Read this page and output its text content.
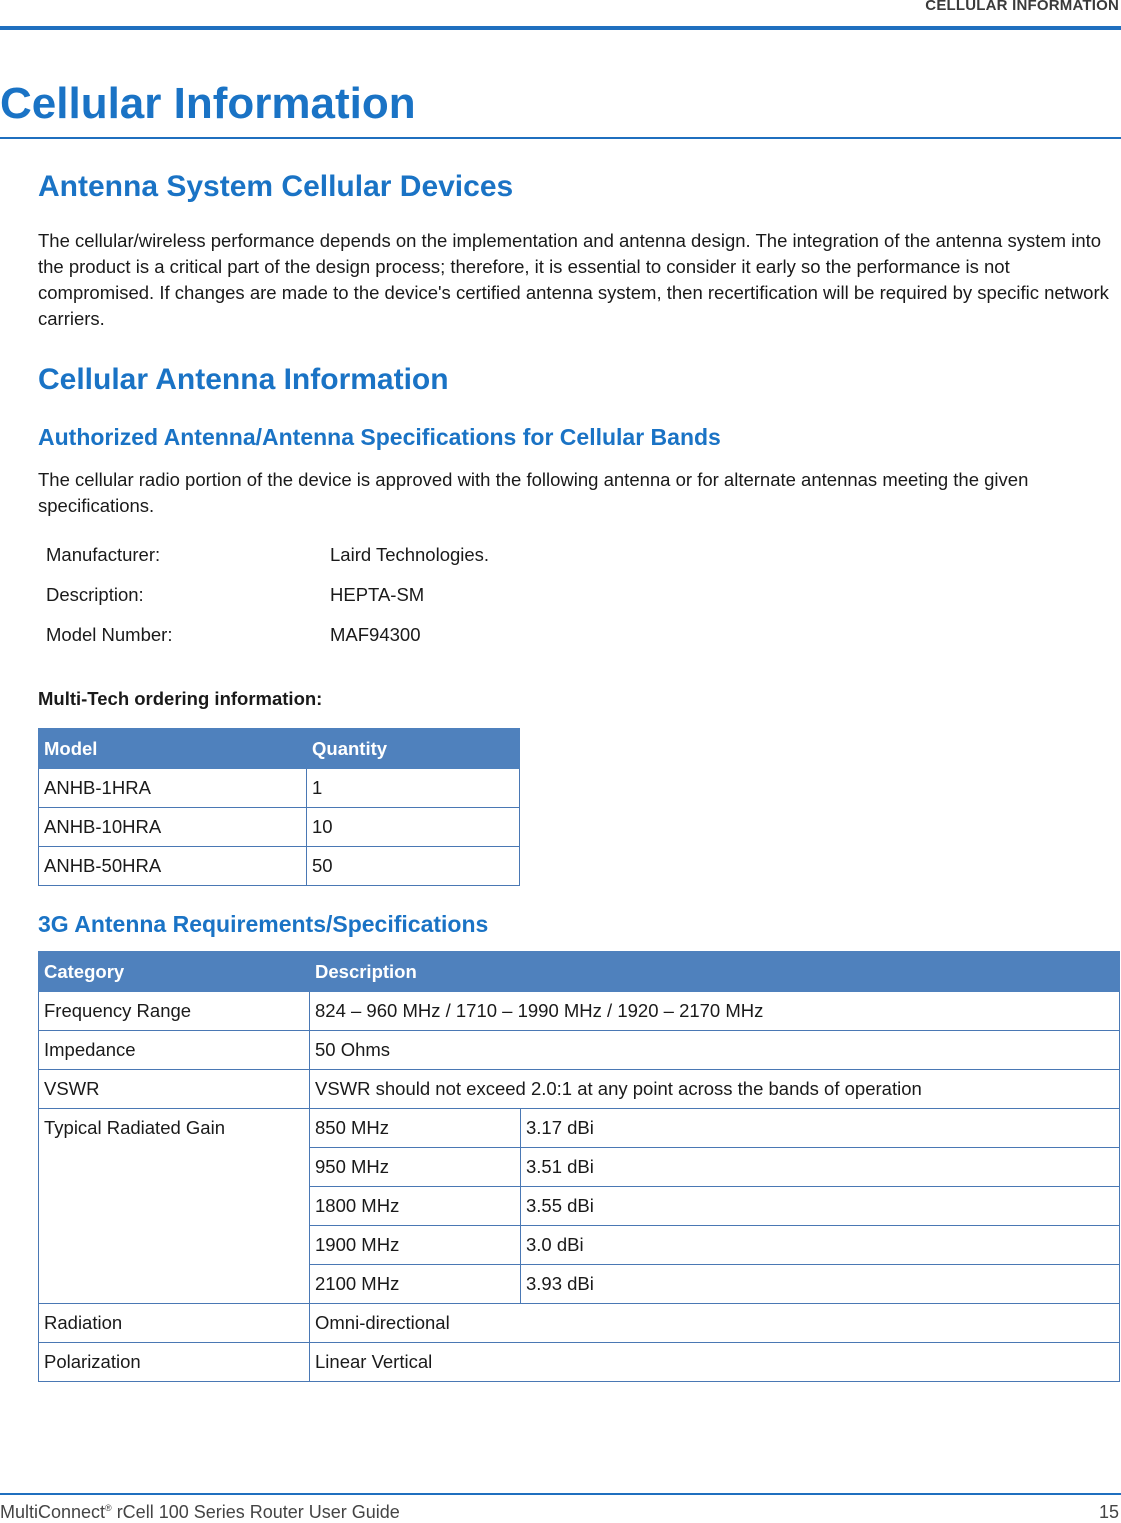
CELLULAR INFORMATION
Cellular Information
Antenna System Cellular Devices

The cellular/wireless performance depends on the implementation and antenna design. The integration of the antenna system into the product is a critical part of the design process; therefore, it is essential to consider it early so the performance is not compromised. If changes are made to the device's certified antenna system, then recertification will be required by specific network carriers.

Cellular Antenna Information
Authorized Antenna/Antenna Specifications for Cellular Bands

The cellular radio portion of the device is approved with the following antenna or for alternate antennas meeting the given specifications.

Manufacturer:	Laird Technologies.
Description:	HEPTA-SM
Model Number:	MAF94300

Multi-Tech ordering information:

Model	Quantity
ANHB-1HRA	1
ANHB-10HRA	10
ANHB-50HRA	50
3G Antenna Requirements/Specifications
Category	Description	
Frequency Range	824 – 960 MHz / 1710 – 1990 MHz / 1920 – 2170 MHz	
Impedance	50 Ohms	
VSWR	VSWR should not exceed 2.0:1 at any point across the bands of operation	
Typical Radiated Gain	850 MHz	3.17 dBi
	950 MHz	3.51 dBi
	1800 MHz	3.55 dBi
	1900 MHz	3.0 dBi
	2100 MHz	3.93 dBi
Radiation	Omni-directional	
Polarization	Linear Vertical	
MultiConnect® rCell 100 Series Router User Guide	15
